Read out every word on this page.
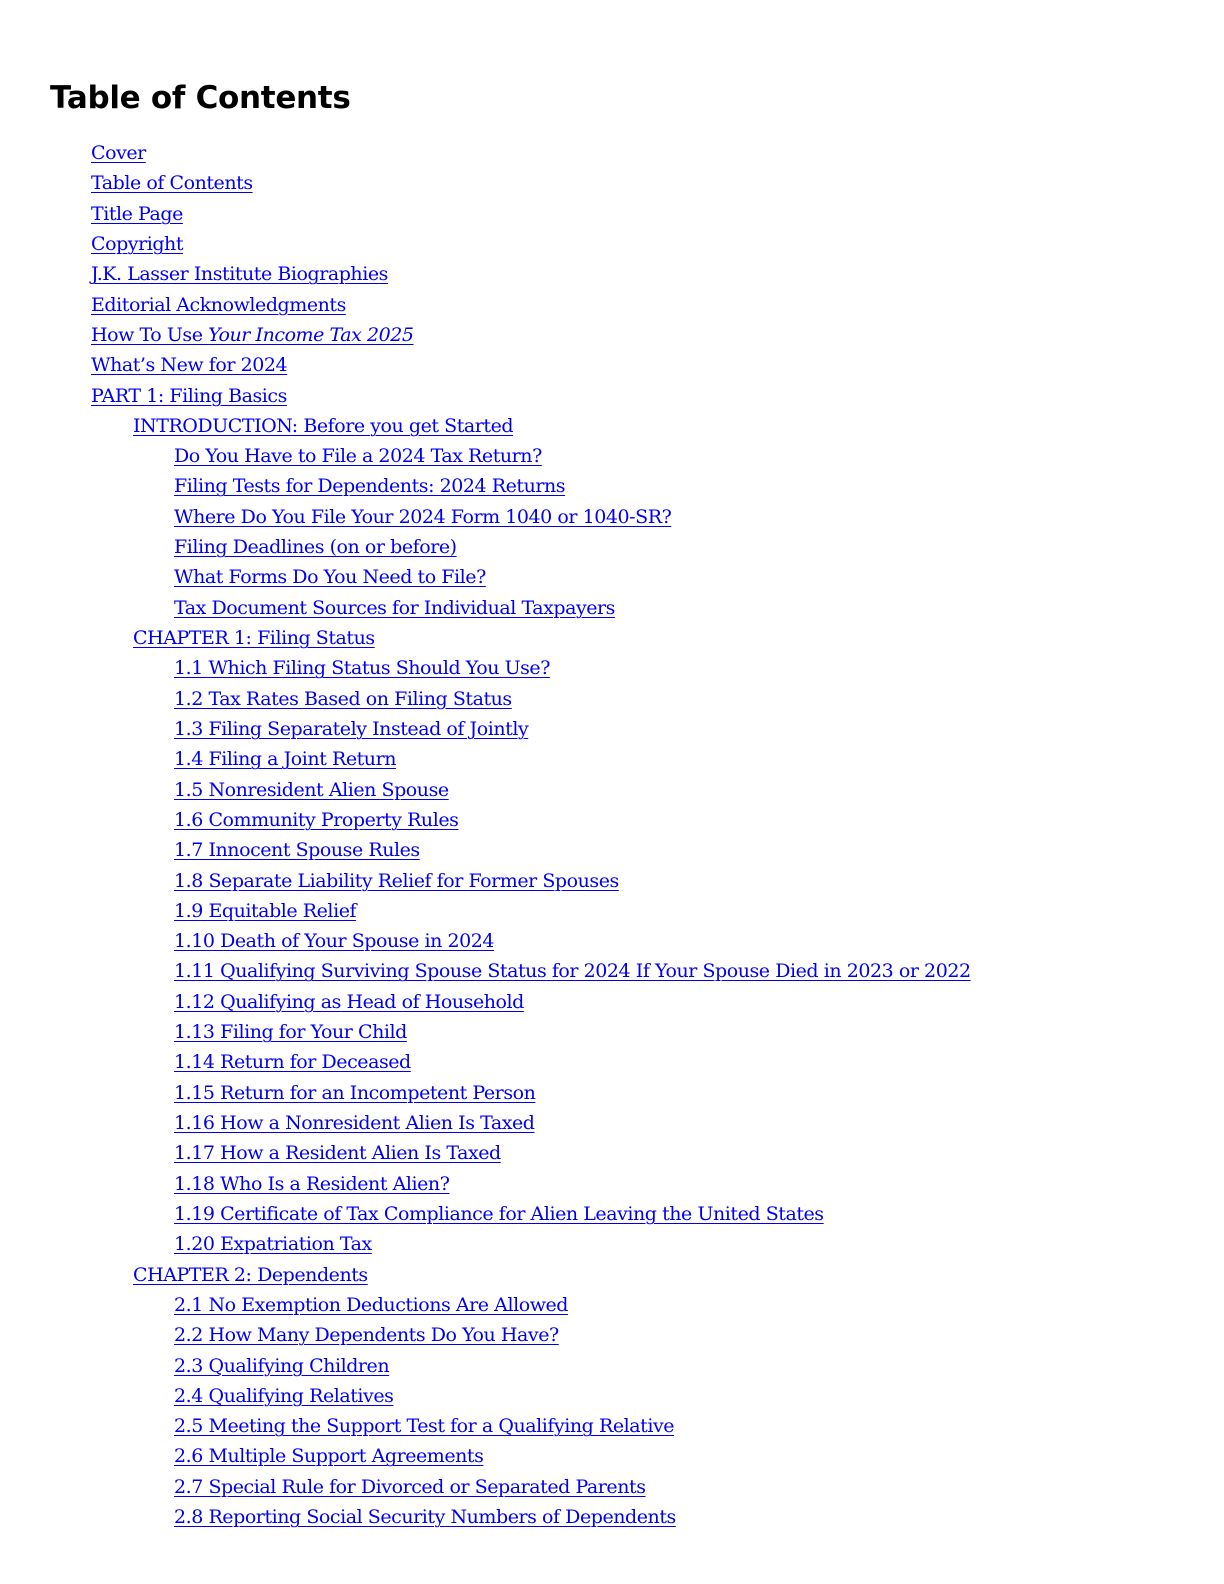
Table of Contents
Cover
Table of Contents
Title Page
Copyright
J.K. Lasser Institute Biographies
Editorial Acknowledgments
How To Use Your Income Tax 2025
What’s New for 2024
PART 1: Filing Basics
INTRODUCTION: Before you get Started
Do You Have to File a 2024 Tax Return?
Filing Tests for Dependents: 2024 Returns
Where Do You File Your 2024 Form 1040 or 1040-SR?
Filing Deadlines (on or before)
What Forms Do You Need to File?
Tax Document Sources for Individual Taxpayers
CHAPTER 1: Filing Status
1.1 Which Filing Status Should You Use?
1.2 Tax Rates Based on Filing Status
1.3 Filing Separately Instead of Jointly
1.4 Filing a Joint Return
1.5 Nonresident Alien Spouse
1.6 Community Property Rules
1.7 Innocent Spouse Rules
1.8 Separate Liability Relief for Former Spouses
1.9 Equitable Relief
1.10 Death of Your Spouse in 2024
1.11 Qualifying Surviving Spouse Status for 2024 If Your Spouse Died in 2023 or 2022
1.12 Qualifying as Head of Household
1.13 Filing for Your Child
1.14 Return for Deceased
1.15 Return for an Incompetent Person
1.16 How a Nonresident Alien Is Taxed
1.17 How a Resident Alien Is Taxed
1.18 Who Is a Resident Alien?
1.19 Certificate of Tax Compliance for Alien Leaving the United States
1.20 Expatriation Tax
CHAPTER 2: Dependents
2.1 No Exemption Deductions Are Allowed
2.2 How Many Dependents Do You Have?
2.3 Qualifying Children
2.4 Qualifying Relatives
2.5 Meeting the Support Test for a Qualifying Relative
2.6 Multiple Support Agreements
2.7 Special Rule for Divorced or Separated Parents
2.8 Reporting Social Security Numbers of Dependents
